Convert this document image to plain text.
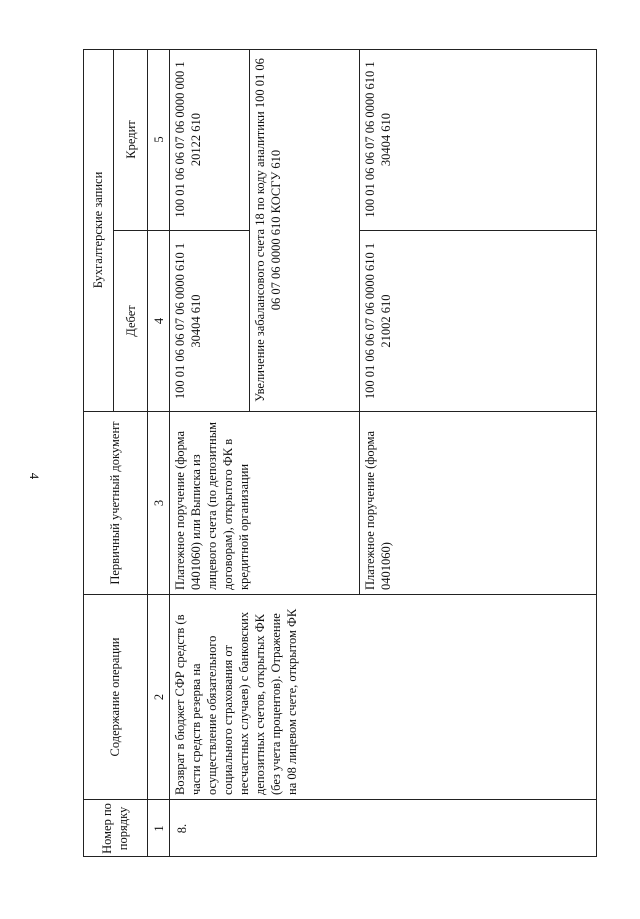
4
Номер по порядку
Содержание операции
Первичный учетный документ
Бухгалтерские записи
Дебет
Кредит
1
2
3
4
5
8.
Возврат в бюджет СФР средств (в части средств резерва на осуществление обязательного социального страхования от несчастных случаев) с банковских депозитных счетов, открытых ФК (без учета процентов). Отражение на 08 лицевом счете, открытом ФК
Платежное поручение (форма 0401060) или Выписка из лицевого счета (по депозитным договорам), открытого ФК в кредитной организации
100 01 06 06 07 06 0000 610 1 30404 610
100 01 06 06 07 06 0000 000 1 20122 610	Увеличение забалансового счета 18 по коду аналитики 100 01 06 06 07 06 0000 610 КОСГУ 610
Платежное поручение (форма 0401060)
100 01 06 06 07 06 0000 610 1 21002 610
100 01 06 06 07 06 0000 610 1 30404 610
